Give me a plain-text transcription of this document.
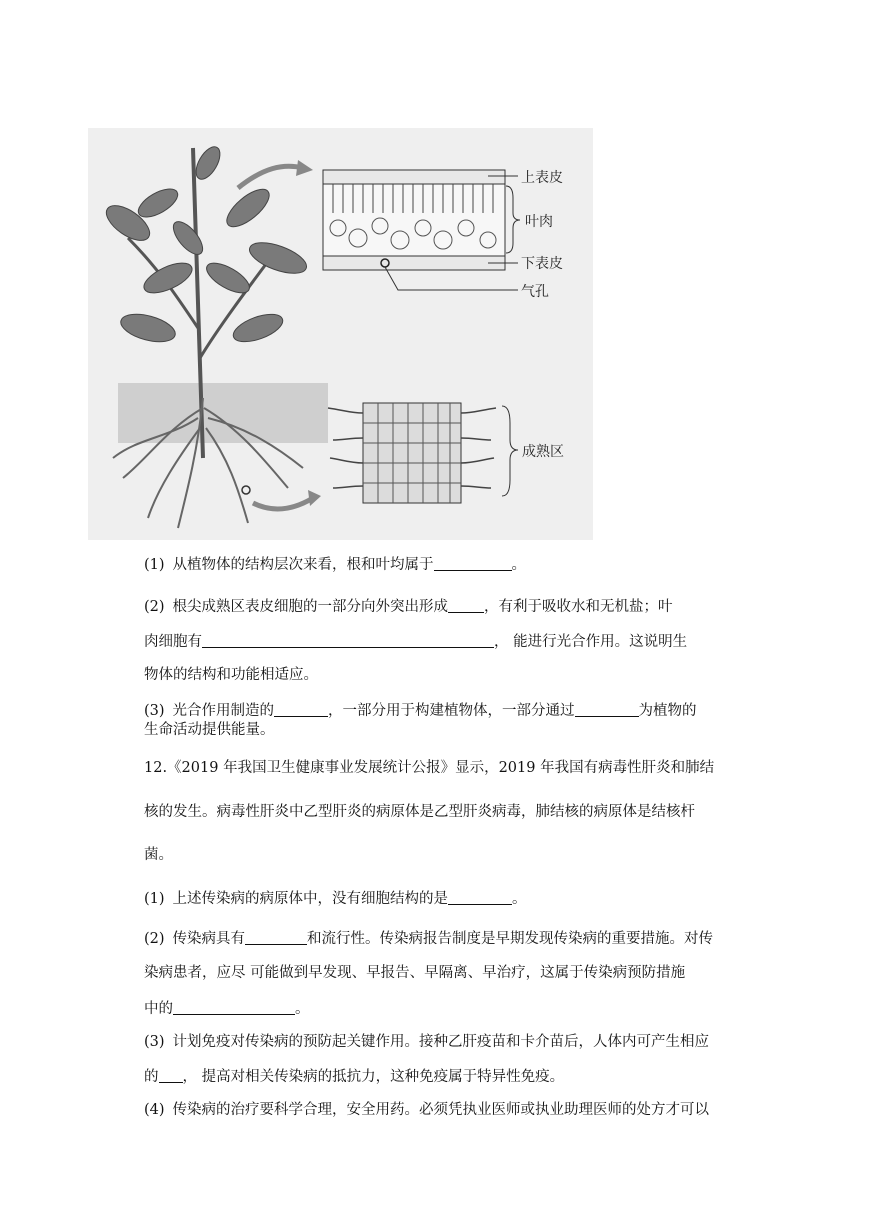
上表皮
叶肉
下表皮
气孔
成熟区
(1) 从植物体的结构层次来看，根和叶均属于	。
(2) 根尖成熟区表皮细胞的一部分向外突出形成 ，有利于吸收水和无机盐；叶
肉细胞有	， 能进行光合作用。这说明生
物体的结构和功能相适应。
(3) 光合作用制造的	，一部分用于构建植物体，一部分通过	为植物的
生命活动提供能量。
12.《2019 年我国卫生健康事业发展统计公报》显示，2019 年我国有病毒性肝炎和肺结
核的发生。病毒性肝炎中乙型肝炎的病原体是乙型肝炎病毒，肺结核的病原体是结核杆
菌。
(1) 上述传染病的病原体中，没有细胞结构的是	。
(2) 传染病具有	和流行性。传染病报告制度是早期发现传染病的重要措施。对传
染病患者，应尽 可能做到早发现、早报告、早隔离、早治疗，这属于传染病预防措施
中的	。
(3) 计划免疫对传染病的预防起关键作用。接种乙肝疫苗和卡介苗后，人体内可产生相应
的 ， 提高对相关传染病的抵抗力，这种免疫属于特异性免疫。
(4) 传染病的治疗要科学合理，安全用药。必须凭执业医师或执业助理医师的处方才可以
